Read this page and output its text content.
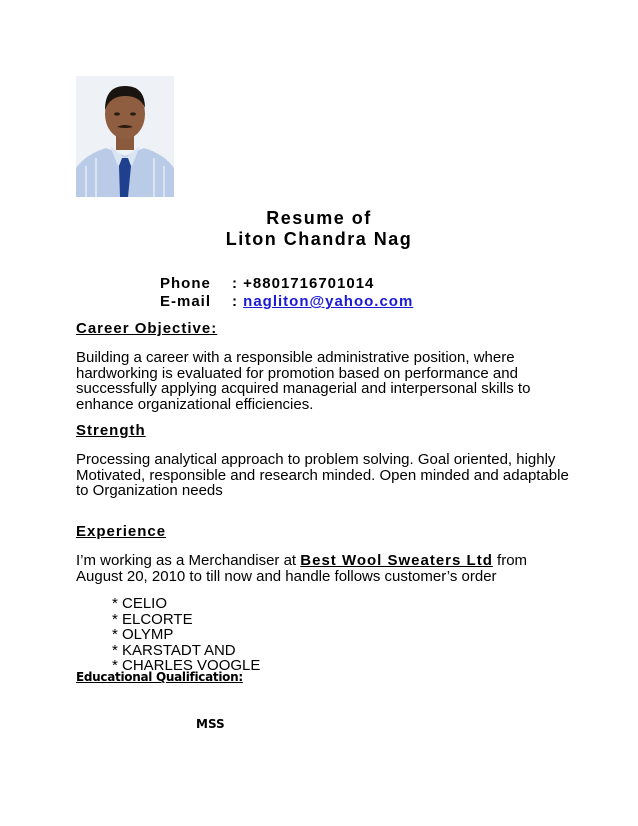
Resume of
Liton Chandra Nag
Phone : +8801716701014
E-mail : nagliton@yahoo.com
Career Objective:
Building a career with a responsible administrative position, where hardworking is evaluated for promotion based on performance and successfully applying acquired managerial and interpersonal skills to enhance organizational efficiencies.
Strength
Processing analytical approach to problem solving. Goal oriented, highly Motivated, responsible and research minded. Open minded and adaptable to Organization needs
Experience
I’m working as a Merchandiser at Best Wool Sweaters Ltd from August 20, 2010 to till now and handle follows customer’s order
* CELIO
* ELCORTE
* OLYMP
* KARSTADT AND
* CHARLES VOOGLE
Educational Qualification:
MSS
